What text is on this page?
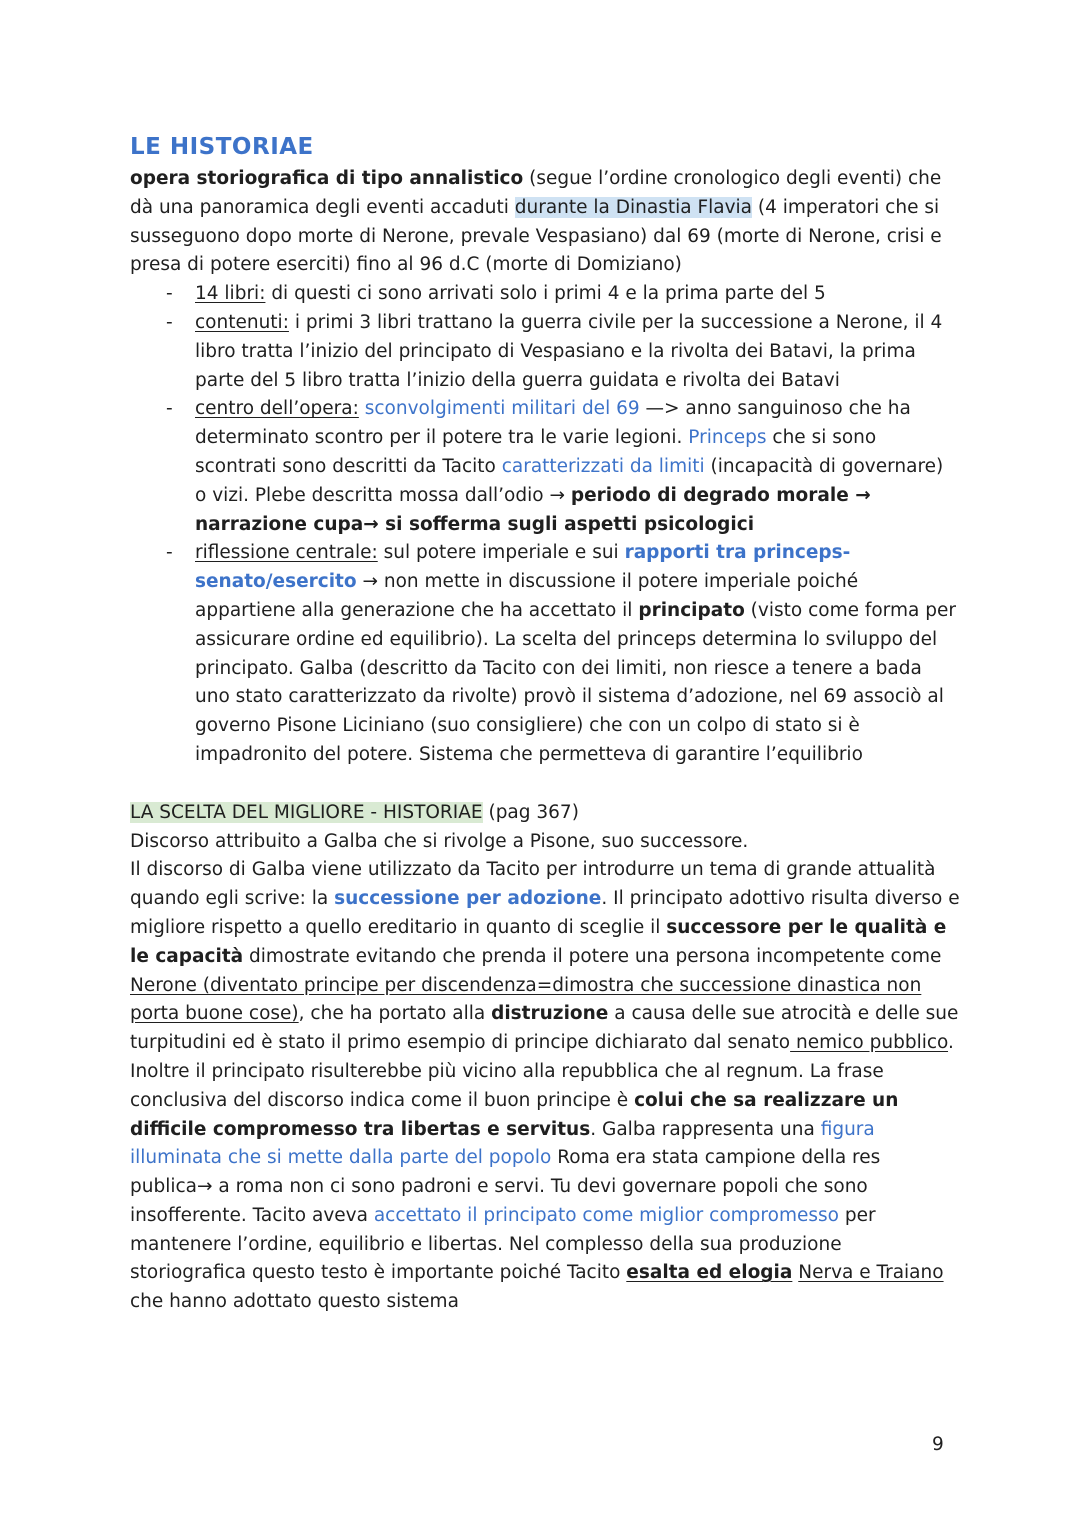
LE HISTORIAE

opera storiografica di tipo annalistico (segue l’ordine cronologico degli eventi) che dà una panoramica degli eventi accaduti durante la Dinastia Flavia (4 imperatori che si susseguono dopo morte di Nerone, prevale Vespasiano) dal 69 (morte di Nerone, crisi e presa di potere eserciti) fino al 96 d.C (morte di Domiziano)

- 14 libri: di questi ci sono arrivati solo i primi 4 e la prima parte del 5
- contenuti: i primi 3 libri trattano la guerra civile per la successione a Nerone, il 4 libro tratta l’inizio del principato di Vespasiano e la rivolta dei Batavi, la prima parte del 5 libro tratta l’inizio della guerra guidata e rivolta dei Batavi
- centro dell’opera: sconvolgimenti militari del 69 —> anno sanguinoso che ha determinato scontro per il potere tra le varie legioni. Princeps che si sono scontrati sono descritti da Tacito caratterizzati da limiti (incapacità di governare) o vizi. Plebe descritta mossa dall’odio → periodo di degrado morale → narrazione cupa→ si sofferma sugli aspetti psicologici
- riflessione centrale: sul potere imperiale e sui rapporti tra princeps-senato/esercito → non mette in discussione il potere imperiale poiché appartiene alla generazione che ha accettato il principato (visto come forma per assicurare ordine ed equilibrio). La scelta del princeps determina lo sviluppo del principato. Galba (descritto da Tacito con dei limiti, non riesce a tenere a bada uno stato caratterizzato da rivolte) provò il sistema d’adozione, nel 69 associò al governo Pisone Liciniano (suo consigliere) che con un colpo di stato si è impadronito del potere. Sistema che permetteva di garantire l’equilibrio

LA SCELTA DEL MIGLIORE - HISTORIAE (pag 367)

Discorso attribuito a Galba che si rivolge a Pisone, suo successore.

Il discorso di Galba viene utilizzato da Tacito per introdurre un tema di grande attualità quando egli scrive: la successione per adozione. Il principato adottivo risulta diverso e migliore rispetto a quello ereditario in quanto di sceglie il successore per le qualità e le capacità dimostrate evitando che prenda il potere una persona incompetente come Nerone (diventato principe per discendenza=dimostra che successione dinastica non porta buone cose), che ha portato alla distruzione a causa delle sue atrocità e delle sue turpitudini ed è stato il primo esempio di principe dichiarato dal senato nemico pubblico. Inoltre il principato risulterebbe più vicino alla repubblica che al regnum. La frase conclusiva del discorso indica come il buon principe è colui che sa realizzare un difficile compromesso tra libertas e servitus. Galba rappresenta una figura illuminata che si mette dalla parte del popolo Roma era stata campione della res publica→ a roma non ci sono padroni e servi. Tu devi governare popoli che sono insofferente. Tacito aveva accettato il principato come miglior compromesso per mantenere l’ordine, equilibrio e libertas. Nel complesso della sua produzione storiografica questo testo è importante poiché Tacito esalta ed elogia Nerva e Traiano che hanno adottato questo sistema

9
